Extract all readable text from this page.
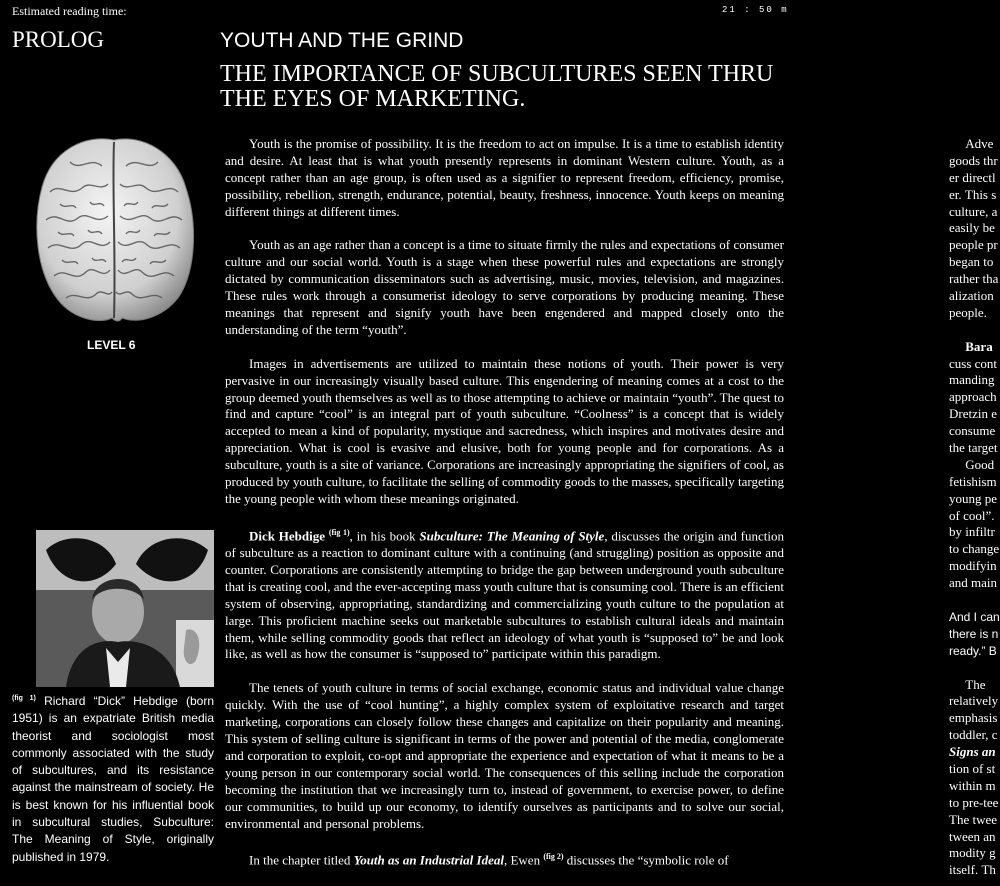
Estimated reading time:	21 : 50 m
PROLOG	YOUTH AND THE GRIND
THE IMPORTANCE OF SUBCULTURES SEEN THRU THE EYES OF MARKETING.
LEVEL 6
$^{(fig 1)}$ Richard “Dick” Hebdige (born 1951) is an expatriate British media theorist and sociologist most commonly associated with the study of subcultures, and its resistance against the mainstream of society. He is best known for his influential book in subcultural studies, Subculture: The Meaning of Style, originally published in 1979.

Youth is the promise of possibility. It is the freedom to act on impulse. It is a time to establish identity and desire. At least that is what youth presently represents in dominant Western culture. Youth, as a concept rather than an age group, is often used as a signifier to represent freedom, efficiency, promise, possibility, rebellion, strength, endurance, potential, beauty, freshness, innocence. Youth keeps on meaning different things at different times.

Youth as an age rather than a concept is a time to situate firmly the rules and expectations of consumer culture and our social world. Youth is a stage when these powerful rules and expectations are strongly dictated by communication disseminators such as advertising, music, movies, television, and magazines. These rules work through a consumerist ideology to serve corporations by producing meaning. These meanings that represent and signify youth have been engendered and mapped closely onto the understanding of the term “youth”.

Images in advertisements are utilized to maintain these notions of youth. Their power is very pervasive in our increasingly visually based culture. This engendering of meaning comes at a cost to the group deemed youth themselves as well as to those attempting to achieve or maintain “youth”. The quest to find and capture “cool” is an integral part of youth subculture. “Coolness” is a concept that is widely accepted to mean a kind of popularity, mystique and sacredness, which inspires and motivates desire and appreciation. What is cool is evasive and elusive, both for young people and for corporations. As a subculture, youth is a site of variance. Corporations are increasingly appropriating the signifiers of cool, as produced by youth culture, to facilitate the selling of commodity goods to the masses, specifically targeting the young people with whom these meanings originated.

Dick Hebdige $^{(fig 1)}$, in his book Subculture: The Meaning of Style, discusses the origin and function of subculture as a reaction to dominant culture with a continuing (and struggling) position as opposite and counter. Corporations are consistently attempting to bridge the gap between underground youth subculture that is creating cool, and the ever-accepting mass youth culture that is consuming cool. There is an efficient system of observing, appropriating, standardizing and commercializing youth culture to the population at large. This proficient machine seeks out marketable subcultures to establish cultural ideals and maintain them, while selling commodity goods that reflect an ideology of what youth is “supposed to” be and look like, as well as how the consumer is “supposed to” participate within this paradigm.

The tenets of youth culture in terms of social exchange, economic status and individual value change quickly. With the use of “cool hunting”, a highly complex system of exploitative research and target marketing, corporations can closely follow these changes and capitalize on their popularity and meaning. This system of selling culture is significant in terms of the power and potential of the media, conglomerate and corporation to exploit, co-opt and appropriate the experience and expectation of what it means to be a young person in our contemporary social world. The consequences of this selling include the corporation becoming the institution that we increasingly turn to, instead of government, to exercise power, to define our communities, to build up our economy, to identify ourselves as participants and to solve our social, environmental and personal problems.

In the chapter titled Youth as an Industrial Ideal, Ewen $^{(fig 2)}$ discusses the “symbolic role of

Adve
goods thr
er directl
er. This s
culture, a
easily be
people pr
began to
rather tha
alization
people.
Bara
cuss cont
manding
approach
Dretzin e
consume
the target
Good
fetishism
young pe
of cool”.
by infiltr
to change
modifyin
and main
And I can
there is n
ready.” B
The
relatively
emphasis
toddler, c
Signs an
tion of st
within m
to pre-tee
The twee
tween an
modity g
itself. Th
